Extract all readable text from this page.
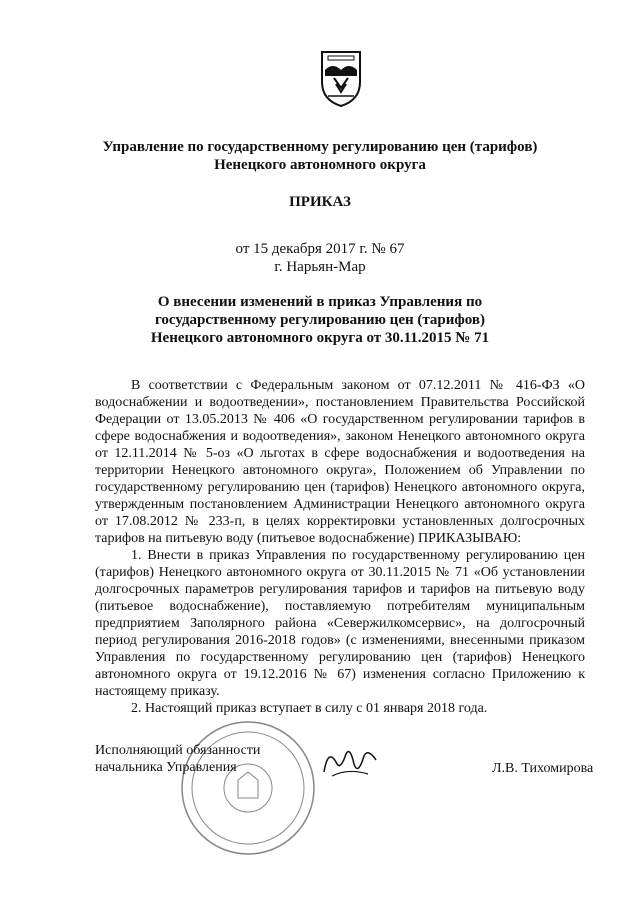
Управление по государственному регулированию цен (тарифов)
Ненецкого автономного округа
ПРИКАЗ
от 15 декабря 2017 г. № 67
г. Нарьян-Мар
О внесении изменений в приказ Управления по
государственному регулированию цен (тарифов)
Ненецкого автономного округа от 30.11.2015 № 71

В соответствии с Федеральным законом от 07.12.2011 № 416-ФЗ «О водоснабжении и водоотведении», постановлением Правительства Российской Федерации от 13.05.2013 № 406 «О государственном регулировании тарифов в сфере водоснабжения и водоотведения», законом Ненецкого автономного округа от 12.11.2014 № 5-оз «О льготах в сфере водоснабжения и водоотведения на территории Ненецкого автономного округа», Положением об Управлении по государственному регулированию цен (тарифов) Ненецкого автономного округа, утвержденным постановлением Администрации Ненецкого автономного округа от 17.08.2012 № 233-п, в целях корректировки установленных долгосрочных тарифов на питьевую воду (питьевое водоснабжение) ПРИКАЗЫВАЮ:

1. Внести в приказ Управления по государственному регулированию цен (тарифов) Ненецкого автономного округа от 30.11.2015 № 71 «Об установлении долгосрочных параметров регулирования тарифов и тарифов на питьевую воду (питьевое водоснабжение), поставляемую потребителям муниципальным предприятием Заполярного района «Севержилкомсервис», на долгосрочный период регулирования 2016-2018 годов» (с изменениями, внесенными приказом Управления по государственному регулированию цен (тарифов) Ненецкого автономного округа от 19.12.2016 № 67) изменения согласно Приложению к настоящему приказу.

2. Настоящий приказ вступает в силу с 01 января 2018 года.

Исполняющий обязанности
начальника Управления	Л.В. Тихомирова
